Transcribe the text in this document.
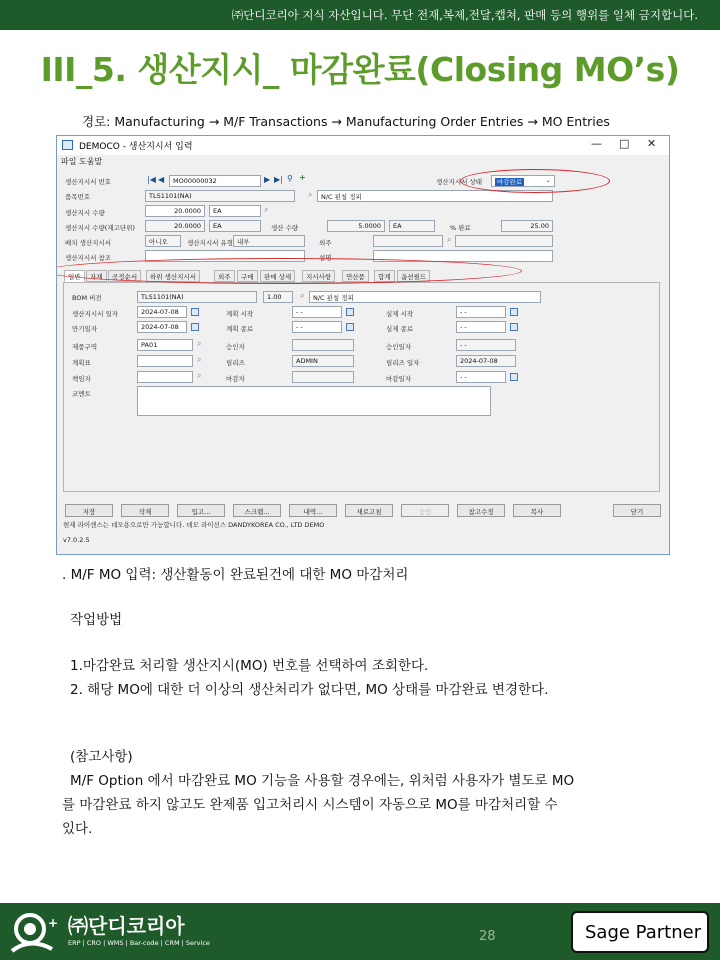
㈜단디코리아 지식 자산입니다. 무단 전재,복제,전달,캡쳐, 판매 등의 행위를 일체 금지합니다.
III_5. 생산지시_ 마감완료(Closing MO’s)
경로: Manufacturing → M/F Transactions → Manufacturing Order Entries → MO Entries
DEMOCO - 생산지시서 입력	— □ ✕
파일 도움말
생산지시서 번호	|◀ ◀	MO00000032	▶ ▶| ⚲ +	생산지시서 상태	마감완료	⌄
품목번호	TLS1101(NA)	⌕	N/C 핀칭 정피
생산지시 수량	20.0000	EA	⌕
생산지시 수량(재고단위)	20.0000	EA	생산 수량	5.0000	EA	% 완료	25.00
배치 생산지시서	아니오	생산지시서 유형 내부	외주	⌕
생산지시서 참조	설명
일반	자재	공정순서	하위 생산지시서	외주	구매	판매 상세	지시사항	연산품	합계	옵션필드
BOM 버전	TLS1101(NA)	1.00	⌕	N/C 핀칭 정피
생산지시서 일자	2024-07-08	계획 시작	- -	실제 시작	- -
만기일자	2024-07-08	계획 종료	- -	실제 종료	- -
제품구역	PA01	⌕	승인자	승인일자	- -
계획표	⌕	릴리즈	ADMIN	릴리즈 일자	2024-07-08
책임자	⌕	마감자	마감일자	- -
코멘트
저장	삭제	입고...	스크랩...	내역...	새로고침	승인	참고수정	복사	닫기
현재 라이센스는 데모용으로만 가능합니다. 데모 라이선스 DANDYKOREA CO., LTD DEMO
v7.0.2.5
. M/F MO 입력: 생산활동이 완료된건에 대한 MO 마감처리
작업방법
1.마감완료 처리할 생산지시(MO) 번호를 선택하여 조회한다.
2. 해당 MO에 대한 더 이상의 생산처리가 없다면, MO 상태를 마감완료 변경한다.
(참고사항)
M/F Option 에서 마감완료 MO 기능을 사용할 경우에는, 위처럼 사용자가 별도로 MO
를 마감완료 하지 않고도 완제품 입고처리시 시스템이 자동으로 MO를 마감처리할 수
있다.
+ ㈜단디코리아
ERP | CRO | WMS | Bar-code | CRM | Service	28	Sage Partner
